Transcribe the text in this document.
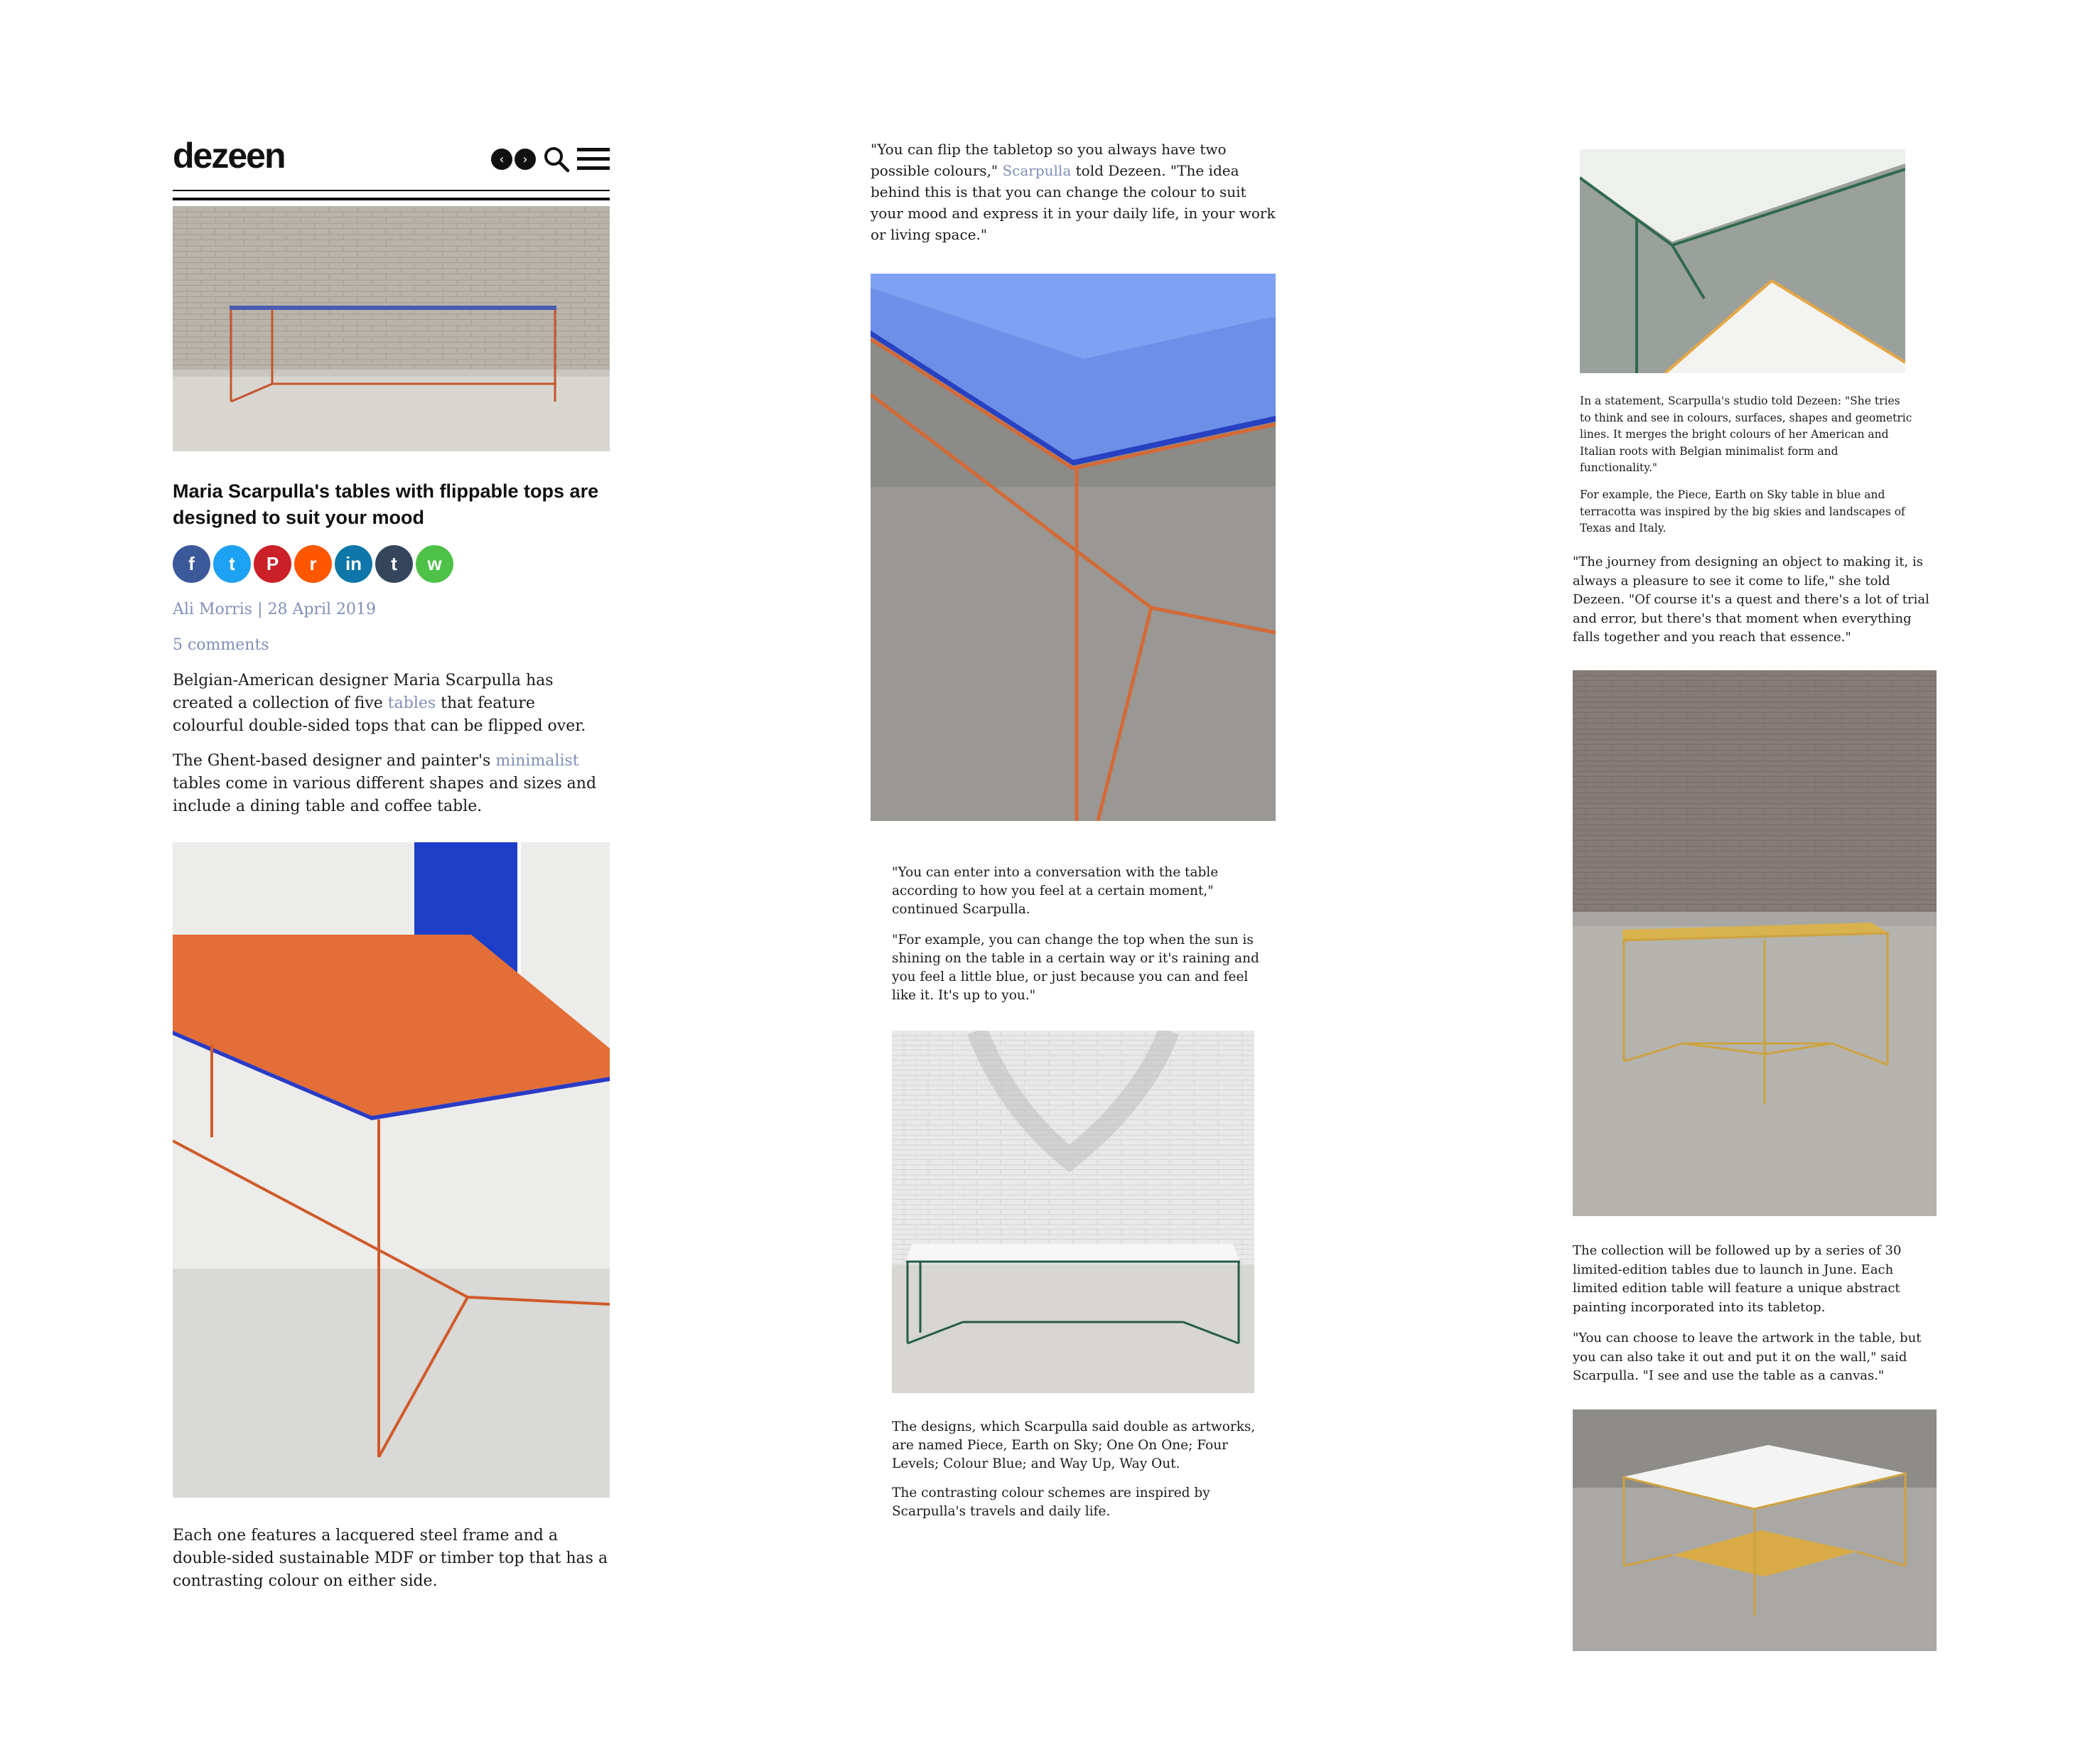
dezeen	‹	›
Maria Scarpulla's tables with flippable tops are designed to suit your mood
f	t	P	r	in	t	w
Ali Morris | 28 April 2019
5 comments

Belgian-American designer Maria Scarpulla has created a collection of five tables that feature colourful double-sided tops that can be flipped over.

The Ghent-based designer and painter's minimalist tables come in various different shapes and sizes and include a dining table and coffee table.

Each one features a lacquered steel frame and a double-sided sustainable MDF or timber top that has a contrasting colour on either side.

"You can flip the tabletop so you always have two possible colours," Scarpulla told Dezeen. "The idea behind this is that you can change the colour to suit your mood and express it in your daily life, in your work or living space."

"You can enter into a conversation with the table according to how you feel at a certain moment," continued Scarpulla.

"For example, you can change the top when the sun is shining on the table in a certain way or it's raining and you feel a little blue, or just because you can and feel like it. It's up to you."

The designs, which Scarpulla said double as artworks, are named Piece, Earth on Sky; One On One; Four Levels; Colour Blue; and Way Up, Way Out.

The contrasting colour schemes are inspired by Scarpulla's travels and daily life.

In a statement, Scarpulla's studio told Dezeen: "She tries to think and see in colours, surfaces, shapes and geometric lines. It merges the bright colours of her American and Italian roots with Belgian minimalist form and functionality."

For example, the Piece, Earth on Sky table in blue and terracotta was inspired by the big skies and landscapes of Texas and Italy.

"The journey from designing an object to making it, is always a pleasure to see it come to life," she told Dezeen. "Of course it's a quest and there's a lot of trial and error, but there's that moment when everything falls together and you reach that essence."

The collection will be followed up by a series of 30 limited-edition tables due to launch in June. Each limited edition table will feature a unique abstract painting incorporated into its tabletop.

"You can choose to leave the artwork in the table, but you can also take it out and put it on the wall," said Scarpulla. "I see and use the table as a canvas."
